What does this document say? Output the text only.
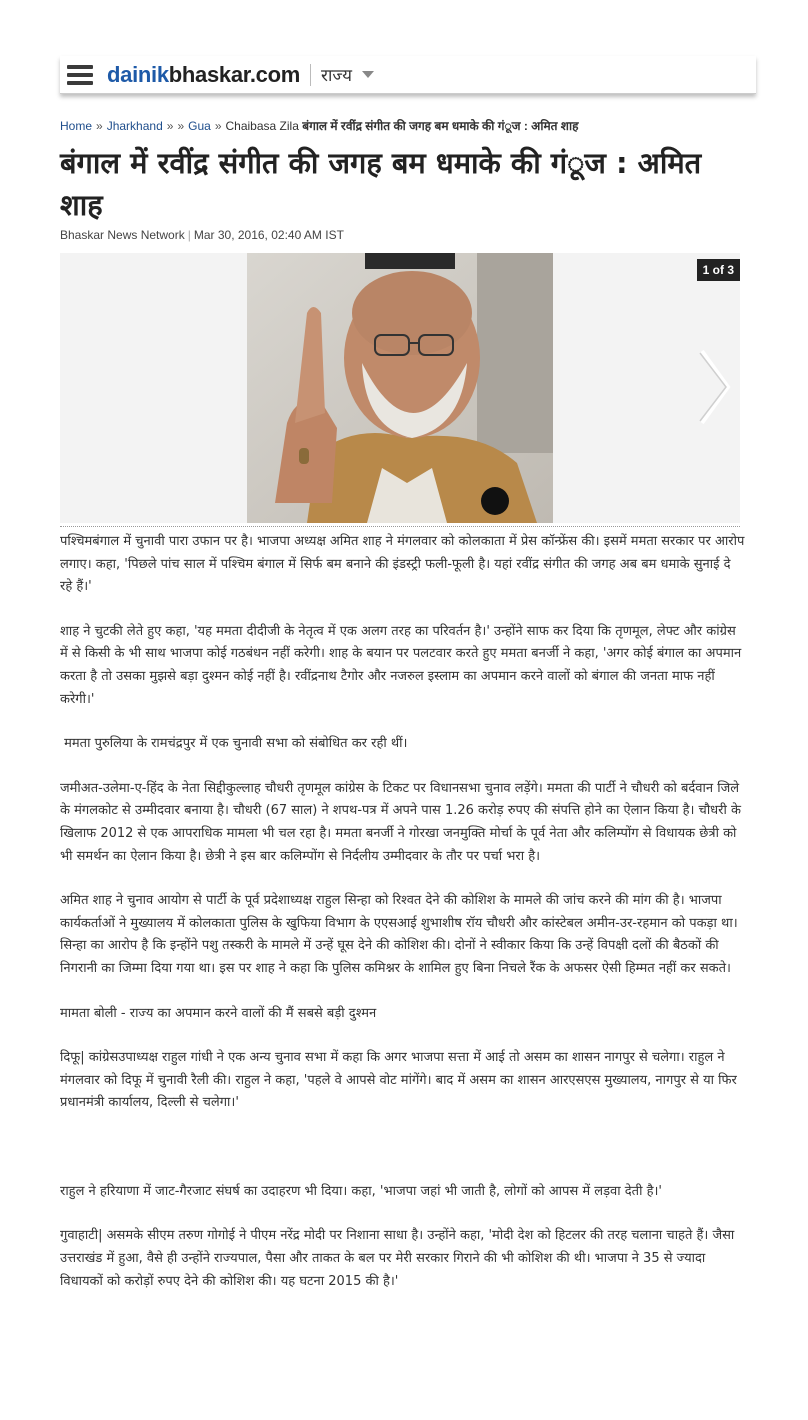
dainikbhaskar.com राज्य
Home » Jharkhand » » Gua » Chaibasa Zila बंगाल में रवींद्र संगीत की जगह बम धमाके की गंूज : अमित शाह
बंगाल में रवींद्र संगीत की जगह बम धमाके की गंूज : अमित शाह
Bhaskar News Network | Mar 30, 2016, 02:40 AM IST
1 of 3

पश्चिमबंगाल में चुनावी पारा उफान पर है। भाजपा अध्यक्ष अमित शाह ने मंगलवार को कोलकाता में प्रेस कॉन्फ्रेंस की। इसमें ममता सरकार पर आरोप लगाए। कहा, 'पिछले पांच साल में पश्चिम बंगाल में सिर्फ बम बनाने की इंडस्ट्री फली-फूली है। यहां रवींद्र संगीत की जगह अब बम धमाके सुनाई दे रहे हैं।'

शाह ने चुटकी लेते हुए कहा, 'यह ममता दीदीजी के नेतृत्व में एक अलग तरह का परिवर्तन है।' उन्होंने साफ कर दिया कि तृणमूल, लेफ्ट और कांग्रेस में से किसी के भी साथ भाजपा कोई गठबंधन नहीं करेगी। शाह के बयान पर पलटवार करते हुए ममता बनर्जी ने कहा, 'अगर कोई बंगाल का अपमान करता है तो उसका मुझसे बड़ा दुश्मन कोई नहीं है। रवींद्रनाथ टैगोर और नजरुल इस्लाम का अपमान करने वालों को बंगाल की जनता माफ नहीं करेगी।'

ममता पुरुलिया के रामचंद्रपुर में एक चुनावी सभा को संबोधित कर रही थीं।

जमीअत-उलेमा-ए-हिंद के नेता सिद्दीकुल्लाह चौधरी तृणमूल कांग्रेस के टिकट पर विधानसभा चुनाव लड़ेंगे। ममता की पार्टी ने चौधरी को बर्दवान जिले के मंगलकोट से उम्मीदवार बनाया है। चौधरी (67 साल) ने शपथ-पत्र में अपने पास 1.26 करोड़ रुपए की संपत्ति होने का ऐलान किया है। चौधरी के खिलाफ 2012 से एक आपराधिक मामला भी चल रहा है। ममता बनर्जी ने गोरखा जनमुक्ति मोर्चा के पूर्व नेता और कलिम्पोंग से विधायक छेत्री को भी समर्थन का ऐलान किया है। छेत्री ने इस बार कलिम्पोंग से निर्दलीय उम्मीदवार के तौर पर पर्चा भरा है।

अमित शाह ने चुनाव आयोग से पार्टी के पूर्व प्रदेशाध्यक्ष राहुल सिन्हा को रिश्वत देने की कोशिश के मामले की जांच करने की मांग की है। भाजपा कार्यकर्ताओं ने मुख्यालय में कोलकाता पुलिस के खुफिया विभाग के एएसआई शुभाशीष रॉय चौधरी और कांस्टेबल अमीन-उर-रहमान को पकड़ा था। सिन्हा का आरोप है कि इन्होंने पशु तस्करी के मामले में उन्हें घूस देने की कोशिश की। दोनों ने स्वीकार किया कि उन्हें विपक्षी दलों की बैठकों की निगरानी का जिम्मा दिया गया था। इस पर शाह ने कहा कि पुलिस कमिश्नर के शामिल हुए बिना निचले रैंक के अफसर ऐसी हिम्मत नहीं कर सकते।

मामता बोली - राज्य का अपमान करने वालों की मैं सबसे बड़ी दुश्मन

दिफू| कांग्रेसउपाध्यक्ष राहुल गांधी ने एक अन्य चुनाव सभा में कहा कि अगर भाजपा सत्ता में आई तो असम का शासन नागपुर से चलेगा। राहुल ने मंगलवार को दिफू में चुनावी रैली की। राहुल ने कहा, 'पहले वे आपसे वोट मांगेंगे। बाद में असम का शासन आरएसएस मुख्यालय, नागपुर से या फिर प्रधानमंत्री कार्यालय, दिल्ली से चलेगा।'

राहुल ने हरियाणा में जाट-गैरजाट संघर्ष का उदाहरण भी दिया। कहा, 'भाजपा जहां भी जाती है, लोगों को आपस में लड़वा देती है।'

गुवाहाटी| असमके सीएम तरुण गोगोई ने पीएम नरेंद्र मोदी पर निशाना साधा है। उन्होंने कहा, 'मोदी देश को हिटलर की तरह चलाना चाहते हैं। जैसा उत्तराखंड में हुआ, वैसे ही उन्होंने राज्यपाल, पैसा और ताकत के बल पर मेरी सरकार गिराने की भी कोशिश की थी। भाजपा ने 35 से ज्यादा विधायकों को करोड़ों रुपए देने की कोशिश की। यह घटना 2015 की है।'
